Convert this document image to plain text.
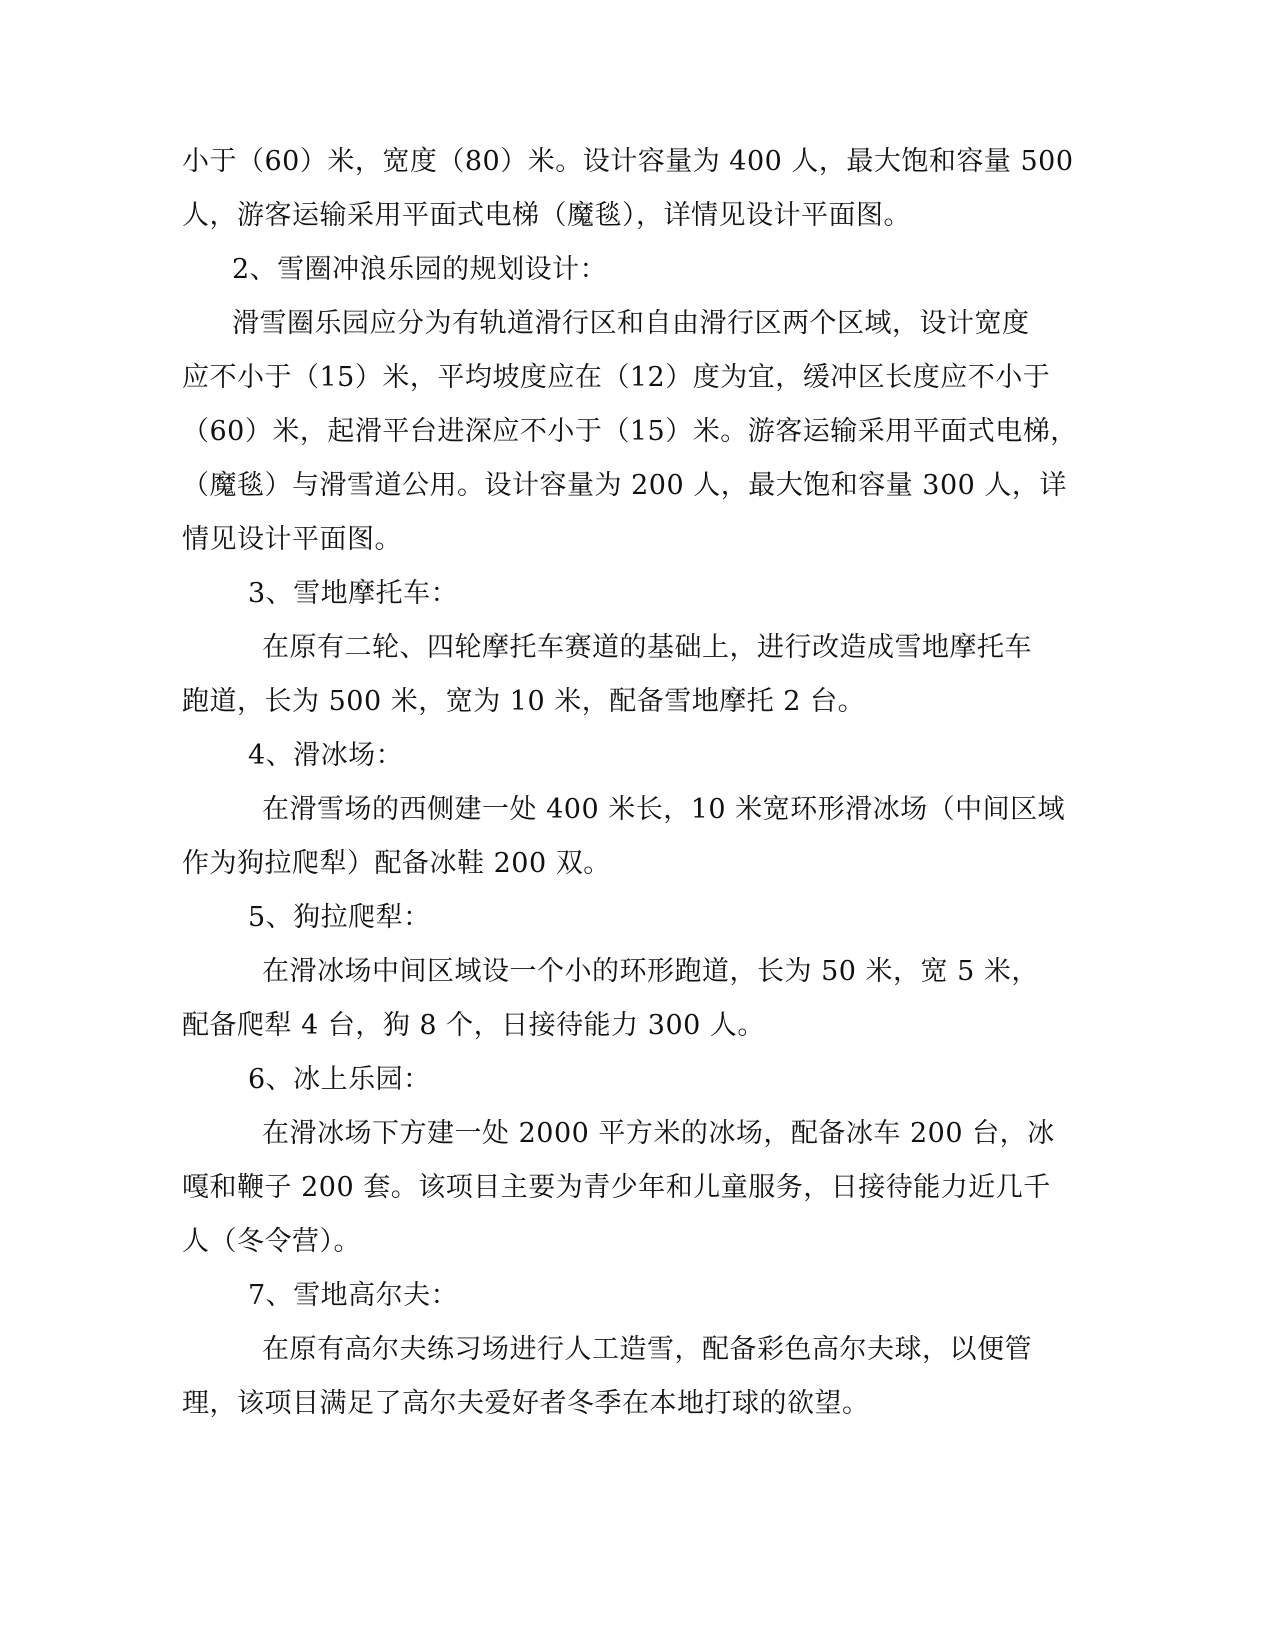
小于（60）米，宽度（80）米。设计容量为 400 人，最大饱和容量 500
人，游客运输采用平面式电梯（魔毯），详情见设计平面图。
2、雪圈冲浪乐园的规划设计：
滑雪圈乐园应分为有轨道滑行区和自由滑行区两个区域，设计宽度
应不小于（15）米，平均坡度应在（12）度为宜，缓冲区长度应不小于
（60）米，起滑平台进深应不小于（15）米。游客运输采用平面式电梯，
（魔毯）与滑雪道公用。设计容量为 200 人，最大饱和容量 300 人，详
情见设计平面图。
3、雪地摩托车：
在原有二轮、四轮摩托车赛道的基础上，进行改造成雪地摩托车
跑道，长为 500 米，宽为 10 米，配备雪地摩托 2 台。
4、滑冰场：
在滑雪场的西侧建一处 400 米长，10 米宽环形滑冰场（中间区域
作为狗拉爬犁）配备冰鞋 200 双。
5、狗拉爬犁：
在滑冰场中间区域设一个小的环形跑道，长为 50 米，宽 5 米，
配备爬犁 4 台，狗 8 个，日接待能力 300 人。
6、冰上乐园：
在滑冰场下方建一处 2000 平方米的冰场，配备冰车 200 台，冰
嘎和鞭子 200 套。该项目主要为青少年和儿童服务，日接待能力近几千
人（冬令营）。
7、雪地高尔夫：
在原有高尔夫练习场进行人工造雪，配备彩色高尔夫球，以便管
理，该项目满足了高尔夫爱好者冬季在本地打球的欲望。
